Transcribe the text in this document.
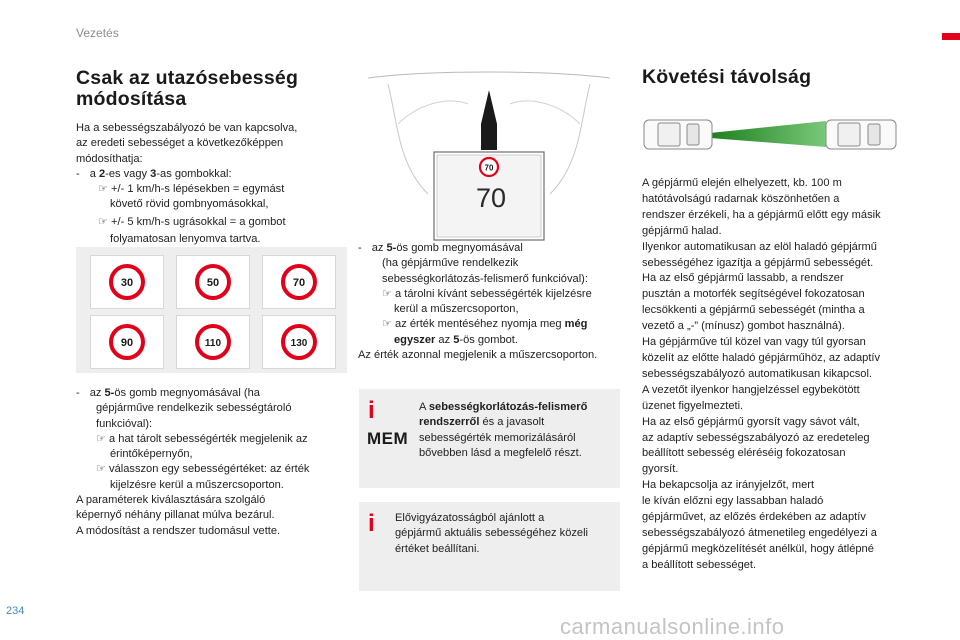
Vezetés
Csak az utazósebesség
módosítása

Ha a sebességszabályozó be van kapcsolva,

az eredeti sebességet a következőképpen

módosíthatja:

- a 2-es vagy 3-as gombokkal:

☞ +/- 1 km/h-s lépésekben = egymást

követő rövid gombnyomásokkal,

☞ +/- 5 km/h-s ugrásokkal = a gombot

folyamatosan lenyomva tartva.

30	50	70
90	110	130

- az 5-ös gomb megnyomásával (ha

gépjárműve rendelkezik sebességtároló

funkcióval):

☞ a hat tárolt sebességérték megjelenik az

érintőképernyőn,

☞ válasszon egy sebességértéket: az érték

kijelzésre kerül a műszercsoporton.

A paraméterek kiválasztására szolgáló

képernyő néhány pillanat múlva bezárul.

A módosítást a rendszer tudomásul vette.

70
70

- az 5-ös gomb megnyomásával

(ha gépjárműve rendelkezik

sebességkorlátozás-felismerő funkcióval):

☞ a tárolni kívánt sebességérték kijelzésre

kerül a műszercsoporton,

☞ az érték mentéséhez nyomja meg még

egyszer az 5-ös gombot.

Az érték azonnal megjelenik a műszercsoporton.

i
MEM

A sebességkorlátozás-felismerő

rendszerről és a javasolt

sebességérték memorizálásáról

bővebben lásd a megfelelő részt.

i Elővigyázatosságból ajánlott a

gépjármű aktuális sebességéhez közeli

értéket beállítani.

Követési távolság

A gépjármű elején elhelyezett, kb. 100 m

hatótávolságú radarnak köszönhetően a

rendszer érzékeli, ha a gépjármű előtt egy másik

gépjármű halad.

Ilyenkor automatikusan az elöl haladó gépjármű

sebességéhez igazítja a gépjármű sebességét.

Ha az első gépjármű lassabb, a rendszer

pusztán a motorfék segítségével fokozatosan

lecsökkenti a gépjármű sebességét (mintha a

vezető a „-” (mínusz) gombot használná).

Ha gépjárműve túl közel van vagy túl gyorsan

közelít az előtte haladó gépjárműhöz, az adaptív

sebességszabályozó automatikusan kikapcsol.

A vezetőt ilyenkor hangjelzéssel egybekötött

üzenet figyelmezteti.

Ha az első gépjármű gyorsít vagy sávot vált,

az adaptív sebességszabályozó az eredeteleg

beállított sebesség eléréséig fokozatosan

gyorsít.

Ha bekapcsolja az irányjelzőt, mert

le kíván előzni egy lassabban haladó

gépjárművet, az előzés érdekében az adaptív

sebességszabályozó átmenetileg engedélyezi a

gépjármű megközelítését anélkül, hogy átlépné

a beállított sebességet.

234
carmanualsonline.info
